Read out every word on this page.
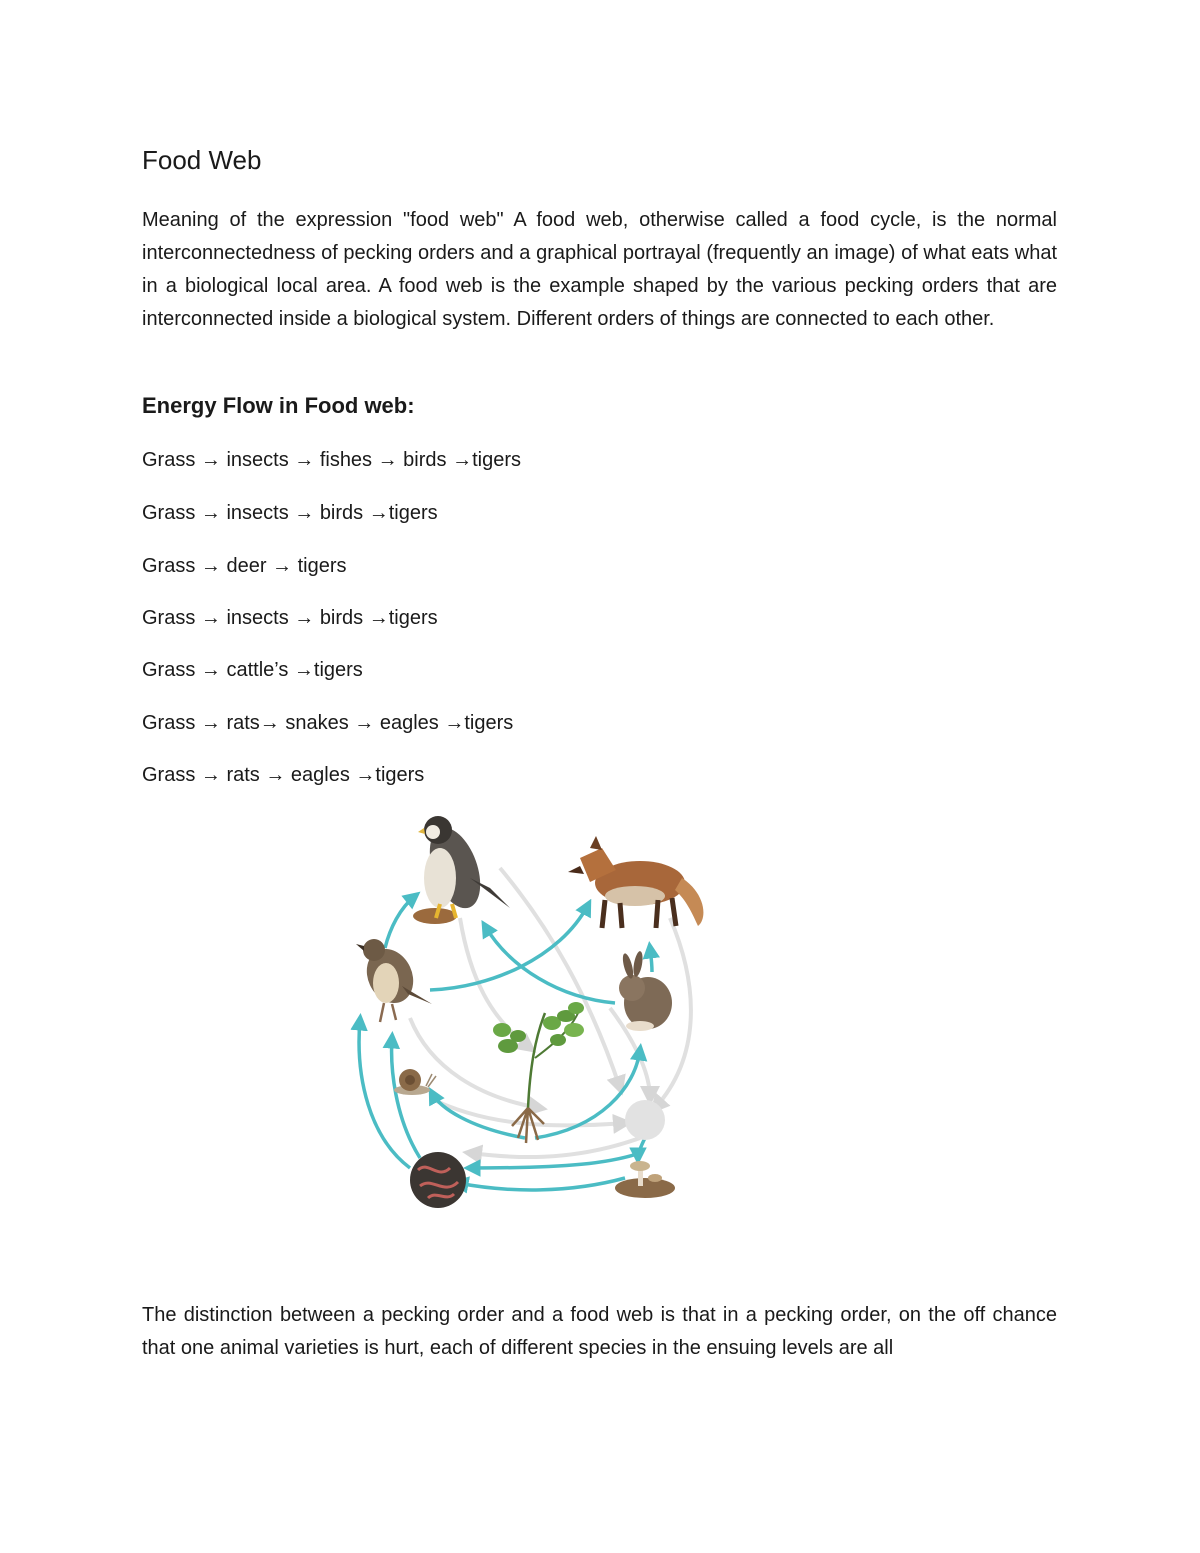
Food Web

Meaning of the expression "food web" A food web, otherwise called a food cycle, is the normal interconnectedness of pecking orders and a graphical portrayal (frequently an image) of what eats what in a biological local area. A food web is the example shaped by the various pecking orders that are interconnected inside a biological system. Different orders of things are connected to each other.

Energy Flow in Food web:

Grass → insects → fishes → birds →tigers

Grass → insects → birds →tigers

Grass → deer → tigers

Grass → insects → birds →tigers

Grass → cattle’s →tigers

Grass → rats→ snakes → eagles →tigers

Grass → rats → eagles →tigers

The distinction between a pecking order and a food web is that in a pecking order, on the off chance that one animal varieties is hurt, each of different species in the ensuing levels are all
